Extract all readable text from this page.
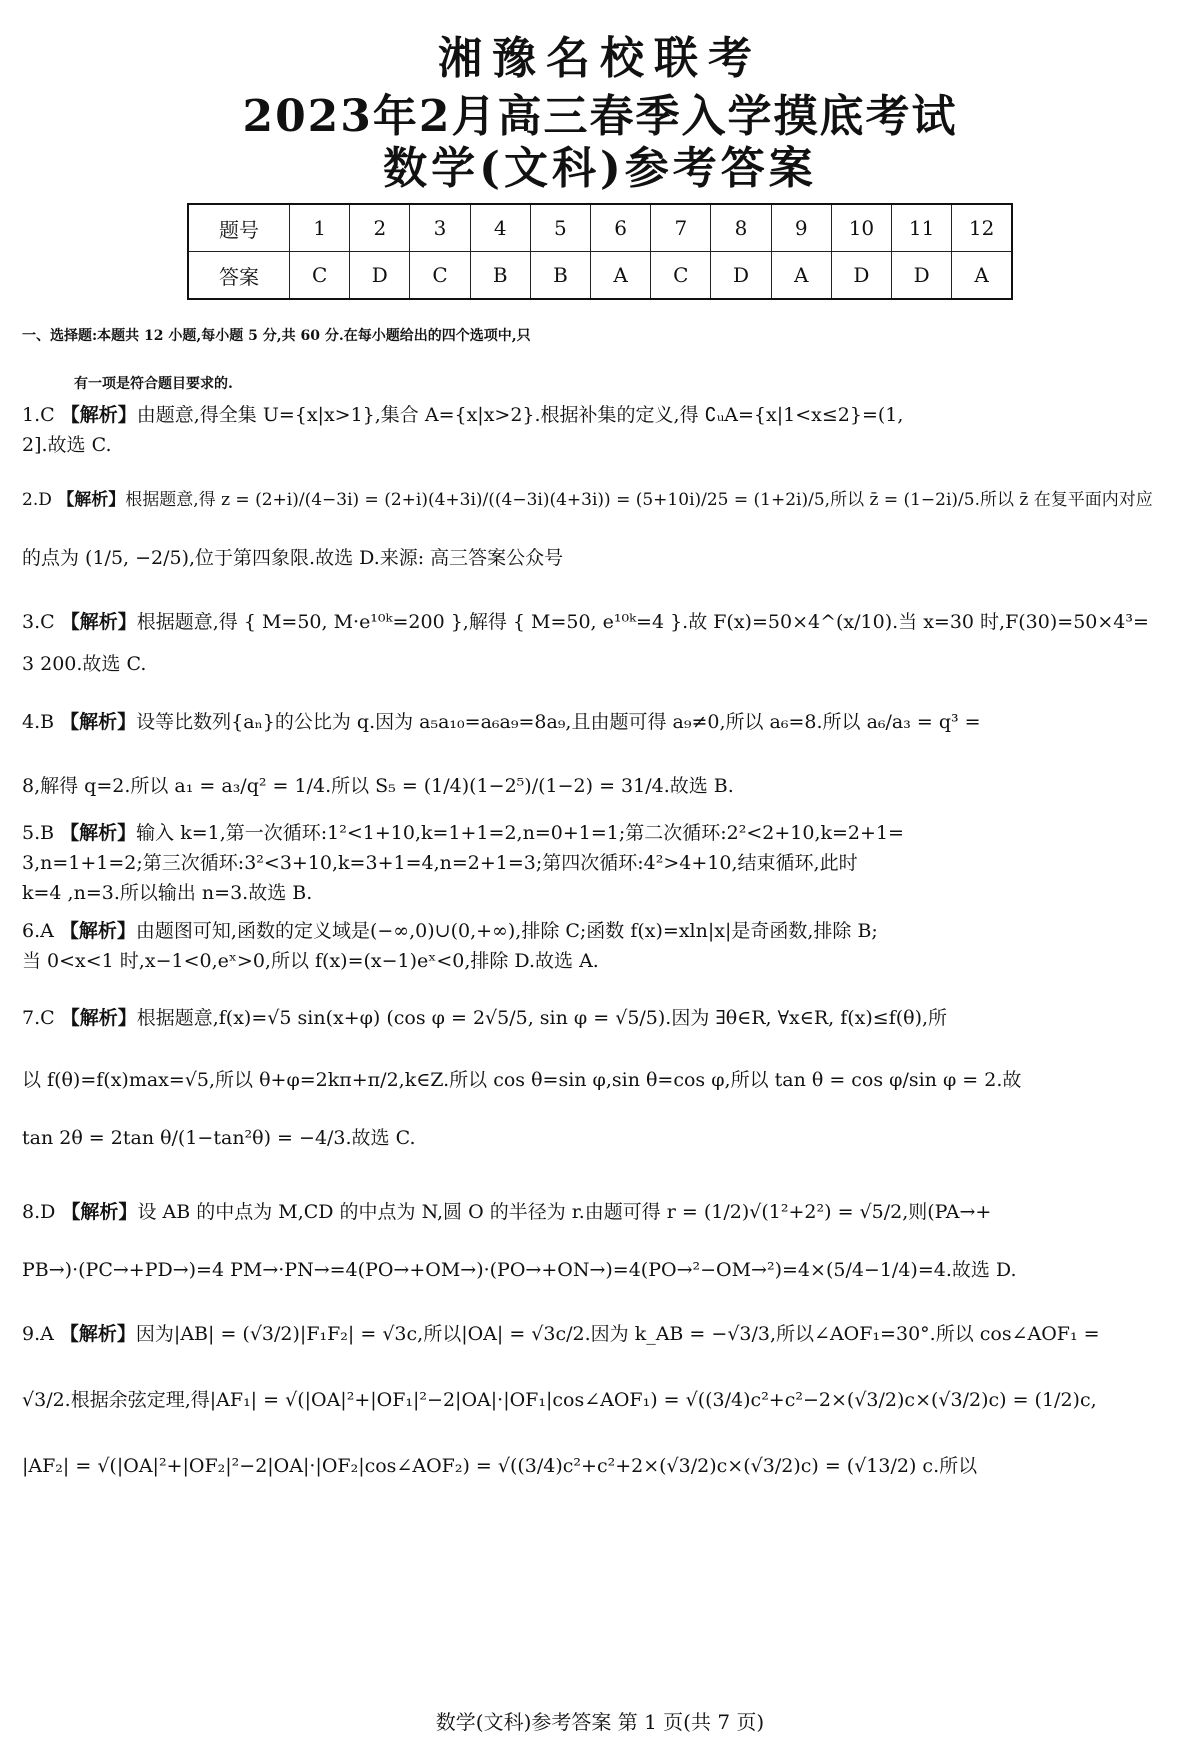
湘豫名校联考
2023年2月高三春季入学摸底考试
数学(文科)参考答案
题号	1	2	3	4	5	6	7	8	9	10	11	12
答案	C	D	C	B	B	A	C	D	A	D	D	A
一、选择题:本题共 12 小题,每小题 5 分,共 60 分.在每小题给出的四个选项中,只
有一项是符合题目要求的.
1.C 【解析】由题意,得全集 U={x|x>1},集合 A={x|x>2}.根据补集的定义,得 ∁ᵤA={x|1<x≤2}=(1,
2].故选 C.
2.D 【解析】根据题意,得 z = (2+i)/(4−3i) = (2+i)(4+3i)/((4−3i)(4+3i)) = (5+10i)/25 = (1+2i)/5,所以 z̄ = (1−2i)/5.所以 z̄ 在复平面内对应
的点为 (1/5, −2/5),位于第四象限.故选 D.来源: 高三答案公众号
3.C 【解析】根据题意,得 { M=50, M·e¹⁰ᵏ=200 },解得 { M=50, e¹⁰ᵏ=4 }.故 F(x)=50×4^(x/10).当 x=30 时,F(30)=50×4³=
3 200.故选 C.
4.B 【解析】设等比数列{aₙ}的公比为 q.因为 a₅a₁₀=a₆a₉=8a₉,且由题可得 a₉≠0,所以 a₆=8.所以 a₆/a₃ = q³ =
8,解得 q=2.所以 a₁ = a₃/q² = 1/4.所以 S₅ = (1/4)(1−2⁵)/(1−2) = 31/4.故选 B.
5.B 【解析】输入 k=1,第一次循环:1²<1+10,k=1+1=2,n=0+1=1;第二次循环:2²<2+10,k=2+1=
3,n=1+1=2;第三次循环:3²<3+10,k=3+1=4,n=2+1=3;第四次循环:4²>4+10,结束循环,此时
k=4 ,n=3.所以输出 n=3.故选 B.
6.A 【解析】由题图可知,函数的定义域是(−∞,0)∪(0,+∞),排除 C;函数 f(x)=xln|x|是奇函数,排除 B;
当 0<x<1 时,x−1<0,eˣ>0,所以 f(x)=(x−1)eˣ<0,排除 D.故选 A.
7.C 【解析】根据题意,f(x)=√5 sin(x+φ) (cos φ = 2√5/5, sin φ = √5/5).因为 ∃θ∈R, ∀x∈R, f(x)≤f(θ),所
以 f(θ)=f(x)max=√5,所以 θ+φ=2kπ+π/2,k∈Z.所以 cos θ=sin φ,sin θ=cos φ,所以 tan θ = cos φ/sin φ = 2.故
tan 2θ = 2tan θ/(1−tan²θ) = −4/3.故选 C.
8.D 【解析】设 AB 的中点为 M,CD 的中点为 N,圆 O 的半径为 r.由题可得 r = (1/2)√(1²+2²) = √5/2,则(PA→+
PB→)·(PC→+PD→)=4 PM→·PN→=4(PO→+OM→)·(PO→+ON→)=4(PO→²−OM→²)=4×(5/4−1/4)=4.故选 D.
9.A 【解析】因为|AB| = (√3/2)|F₁F₂| = √3c,所以|OA| = √3c/2.因为 k_AB = −√3/3,所以∠AOF₁=30°.所以 cos∠AOF₁ =
√3/2.根据余弦定理,得|AF₁| = √(|OA|²+|OF₁|²−2|OA|·|OF₁|cos∠AOF₁) = √((3/4)c²+c²−2×(√3/2)c×(√3/2)c) = (1/2)c,
|AF₂| = √(|OA|²+|OF₂|²−2|OA|·|OF₂|cos∠AOF₂) = √((3/4)c²+c²+2×(√3/2)c×(√3/2)c) = (√13/2) c.所以
数学(文科)参考答案 第 1 页(共 7 页)
